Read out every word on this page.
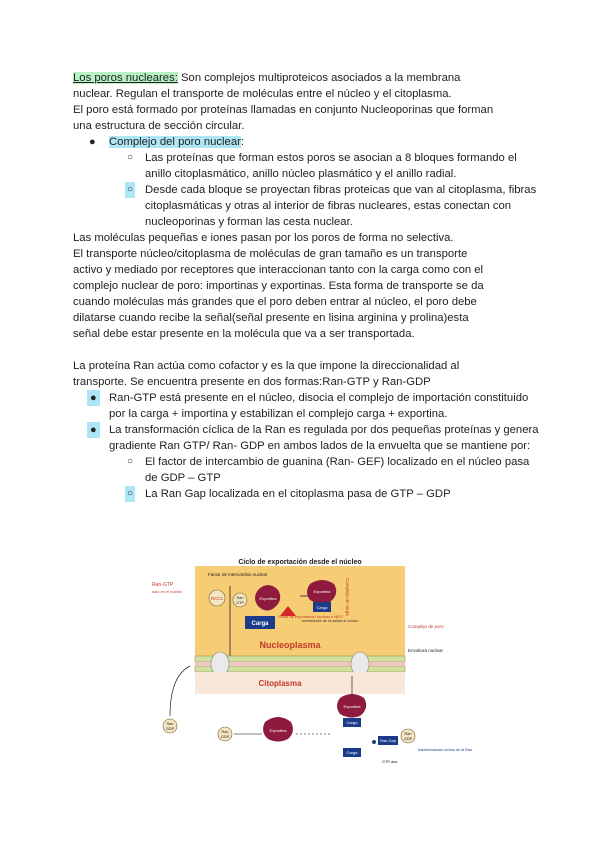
Los poros nucleares: Son complejos multiproteicos asociados a la membrana

nuclear. Regulan el transporte de moléculas entre el núcleo y el citoplasma.

El poro está formado por proteínas llamadas en conjunto Nucleoporinas que forman

una estructura de sección circular.

● Complejo del poro nuclear:
○ Las proteínas que forman estos poros se asocian a 8 bloques formando el anillo citoplasmático, anillo núcleo plasmático y el anillo radial.
○ Desde cada bloque se proyectan fibras proteicas que van al citoplasma, fibras citoplasmáticas y otras al interior de fibras nucleares, estas conectan con nucleoporinas y forman las cesta nuclear.

Las moléculas pequeñas e iones pasan por los poros de forma no selectiva.

El transporte núcleo/citoplasma de moléculas de gran tamaño es un transporte

activo y mediado por receptores que interaccionan tanto con la carga como con el

complejo nuclear de poro: importinas y exportinas. Esta forma de transporte se da

cuando moléculas más grandes que el poro deben entrar al núcleo, el poro debe

dilatarse cuando recibe la señal(señal presente en lisina arginina y prolina)esta

señal debe estar presente en la molécula que va a ser transportada.

La proteína Ran actúa como cofactor y es la que impone la direccionalidad al

transporte. Se encuentra presente en dos formas:Ran-GTP y Ran-GDP

● Ran-GTP está presente en el núcleo, disocia el complejo de importación constituido por la carga + importina y estabilizan el complejo carga + exportina.
● La transformación cíclica de la Ran es regulada por dos pequeñas proteínas y genera gradiente Ran GTP/ Ran- GDP en ambos lados de la envuelta que se mantiene por:
○ El factor de intercambio de guanina (Ran- GEF) localizado en el núcleo pasa de GDP – GTP
○ La Ran Gap localizada en el citoplasma pasa de GTP – GDP
Ciclo de exportación desde el núcleo
Ran-GTP
solo en el núcleo
Factor de intercambio nuclear
RCC1	Ran
GTP
Exportina
Exportina
Carga	Complejo de carga
Carga
Señal de exportación nuclear o NES
mediadores de la salida al núcleo
Nucleoplasma
Complejo de poro
Envoltura nuclear
Citoplasma
Ran
GDP
Ran
GDP
Exportina
Exportina
Carga
Carga
Ran Gap
GTP-asa
Ran
GDP
transformación cíclica de la Ran
